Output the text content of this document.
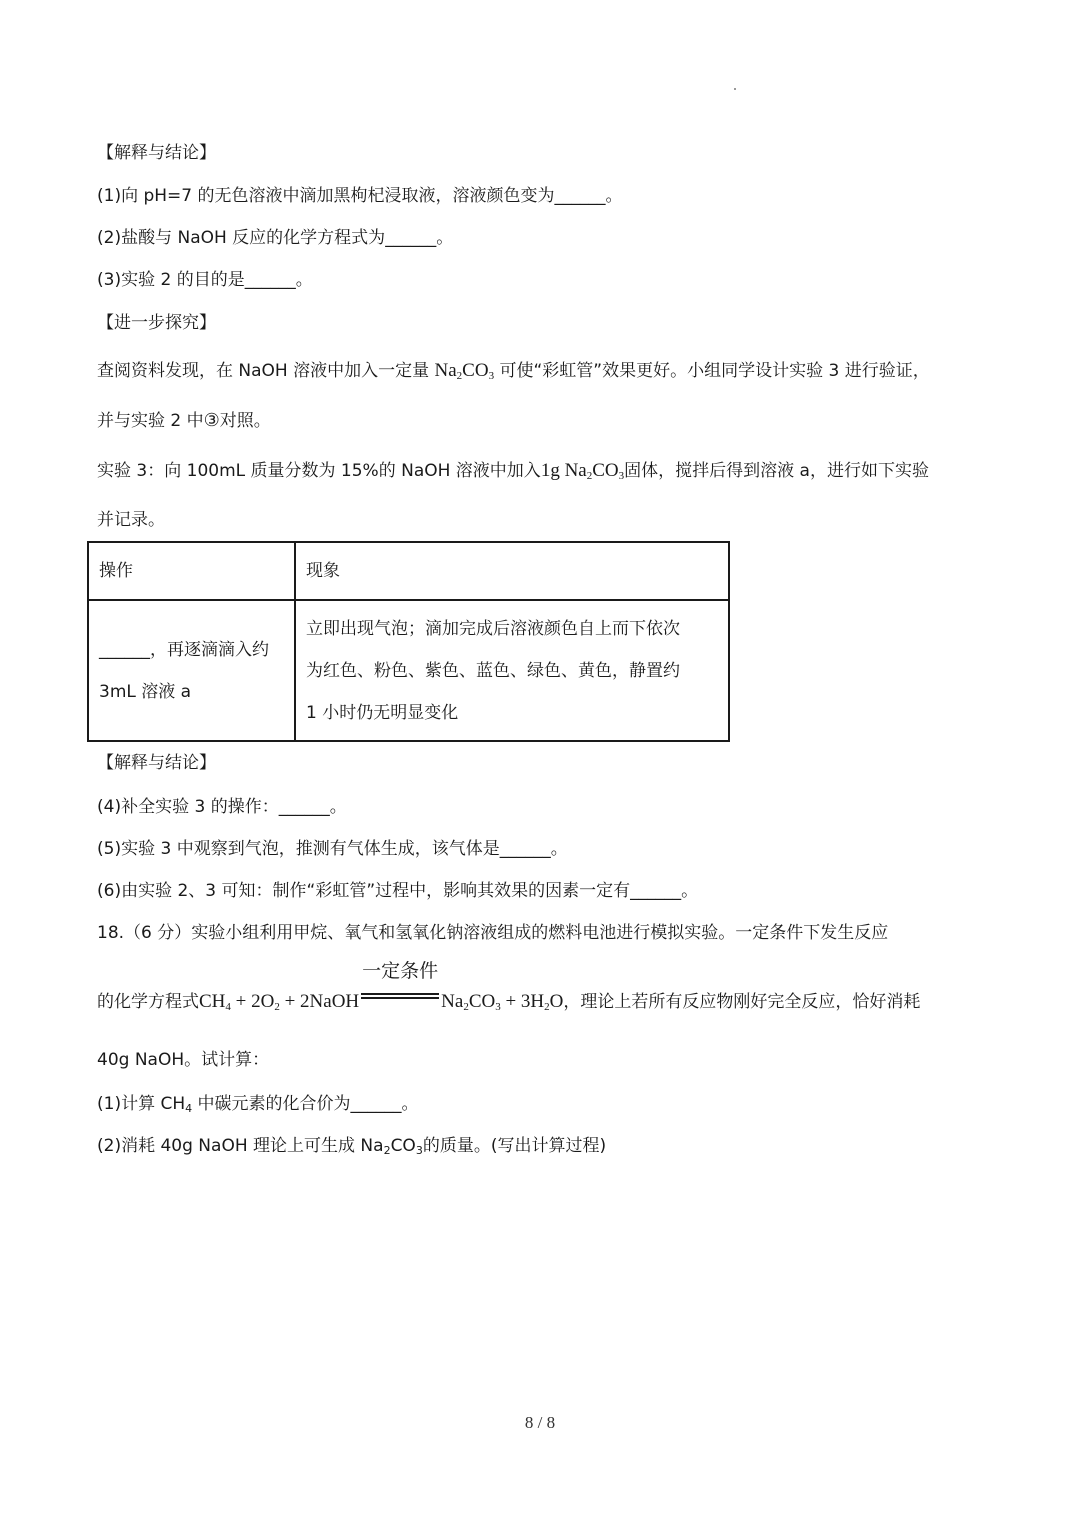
【解释与结论】
(1)向 pH=7 的无色溶液中滴加黑枸杞浸取液，溶液颜色变为______。
(2)盐酸与 NaOH 反应的化学方程式为______。
(3)实验 2 的目的是______。
【进一步探究】
查阅资料发现，在 NaOH 溶液中加入一定量 $Na_2CO_3$ 可使“彩虹管”效果更好。小组同学设计实验 3 进行验证，
并与实验 2 中③对照。
实验 3：向 100mL 质量分数为 15%的 NaOH 溶液中加入1g $Na_2CO_3$固体，搅拌后得到溶液 a，进行如下实验
并记录。
操作	现象

______，再逐滴滴入约
3mL 溶液 a	立即出现气泡；滴加完成后溶液颜色自上而下依次
为红色、粉色、紫色、蓝色、绿色、黄色，静置约
1 小时仍无明显变化
【解释与结论】
(4)补全实验 3 的操作：______。
(5)实验 3 中观察到气泡，推测有气体生成，该气体是______。
(6)由实验 2、3 可知：制作“彩虹管”过程中，影响其效果的因素一定有______。
18.（6 分）实验小组利用甲烷、氧气和氢氧化钠溶液组成的燃料电池进行模拟实验。一定条件下发生反应
的化学方程式$CH_4 + 2O_2$ + 2NaOH
一定条件
$Na_2CO_3 + 3H_2O$，理论上若所有反应物刚好完全反应，恰好消耗
40g NaOH。试计算：
(1)计算 $CH_4$ 中碳元素的化合价为______。
(2)消耗 40g NaOH 理论上可生成 $Na_2CO_3$的质量。(写出计算过程)
8 / 8
